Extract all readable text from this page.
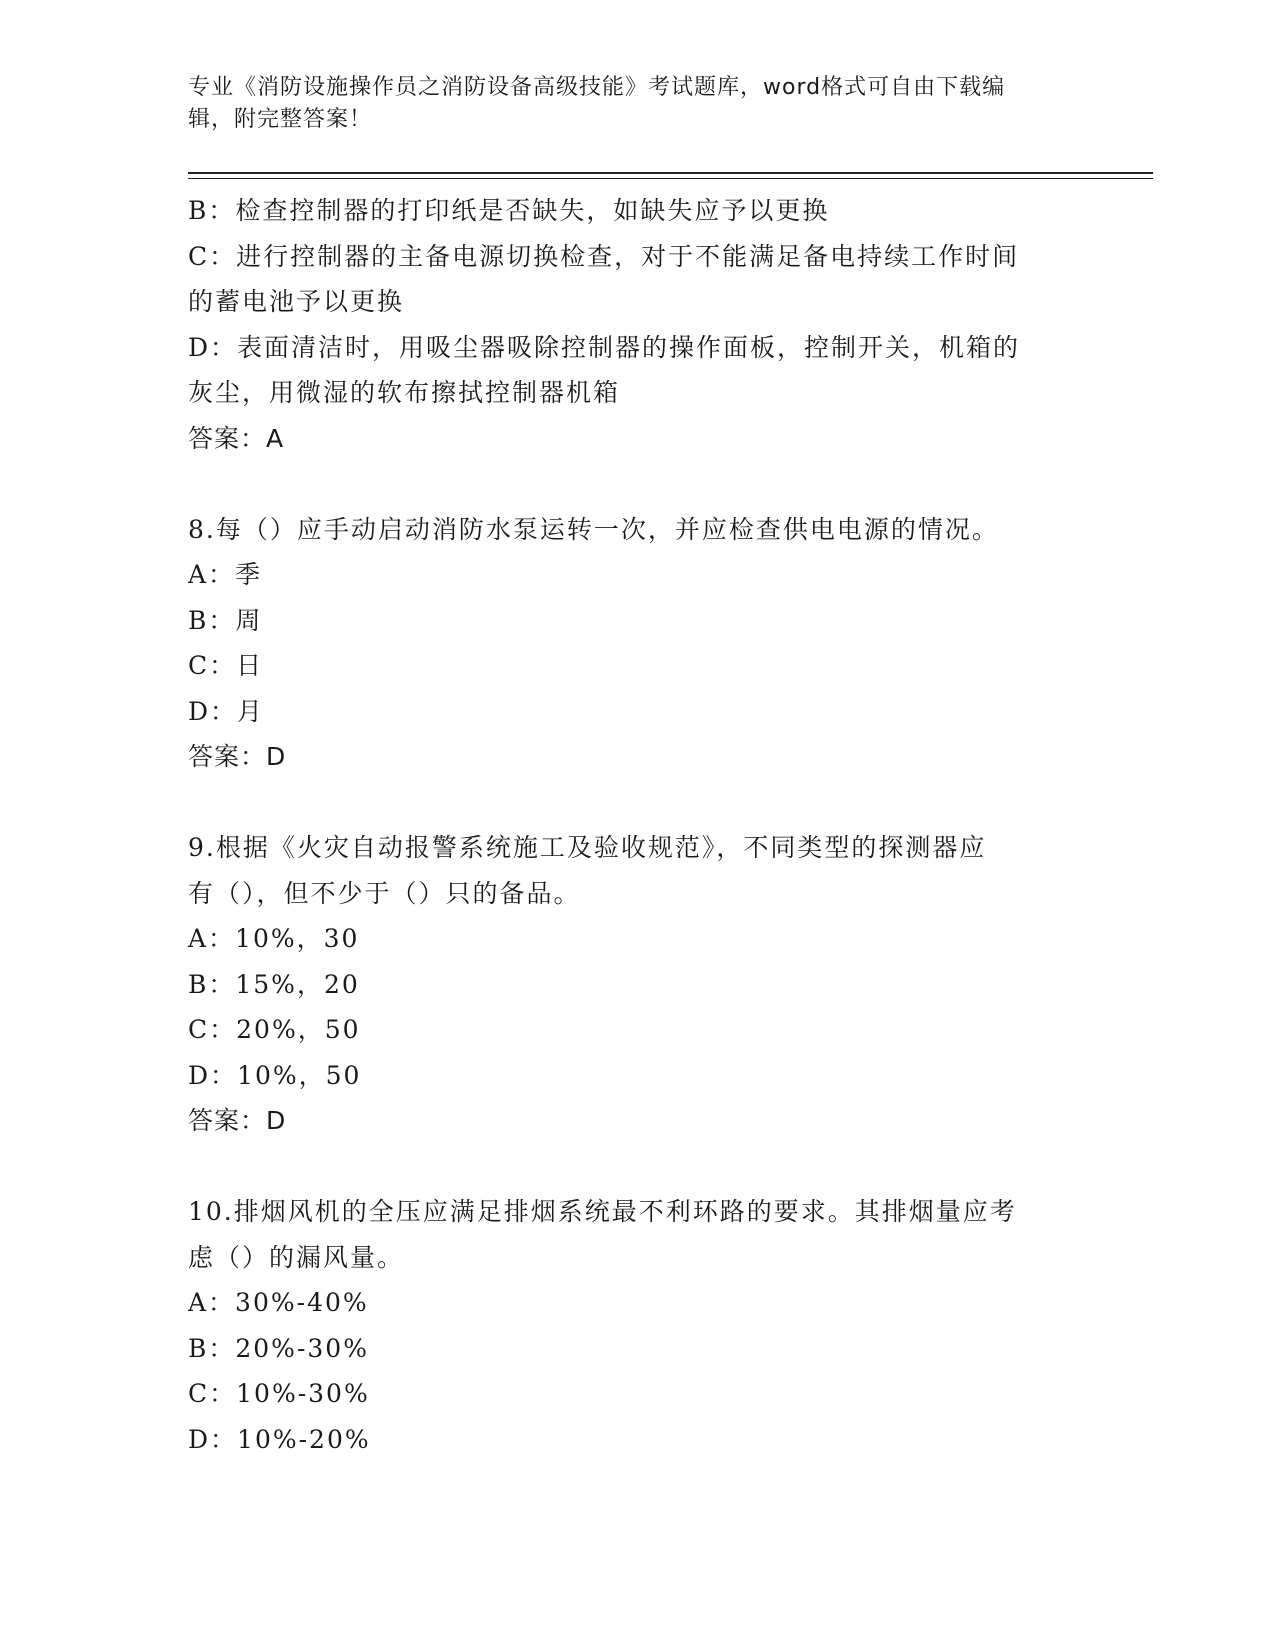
专业《消防设施操作员之消防设备高级技能》考试题库，word格式可自由下载编
辑，附完整答案！
B：检查控制器的打印纸是否缺失，如缺失应予以更换
C：进行控制器的主备电源切换检查，对于不能满足备电持续工作时间
的蓄电池予以更换
D：表面清洁时，用吸尘器吸除控制器的操作面板，控制开关，机箱的
灰尘，用微湿的软布擦拭控制器机箱
答案：A
8.每（）应手动启动消防水泵运转一次，并应检查供电电源的情况。
A：季
B：周
C：日
D：月
答案：D
9.根据《火灾自动报警系统施工及验收规范》，不同类型的探测器应
有（），但不少于（）只的备品。
A：10%，30
B：15%，20
C：20%，50
D：10%，50
答案：D
10.排烟风机的全压应满足排烟系统最不利环路的要求。其排烟量应考
虑（）的漏风量。
A：30%-40%
B：20%-30%
C：10%-30%
D：10%-20%
